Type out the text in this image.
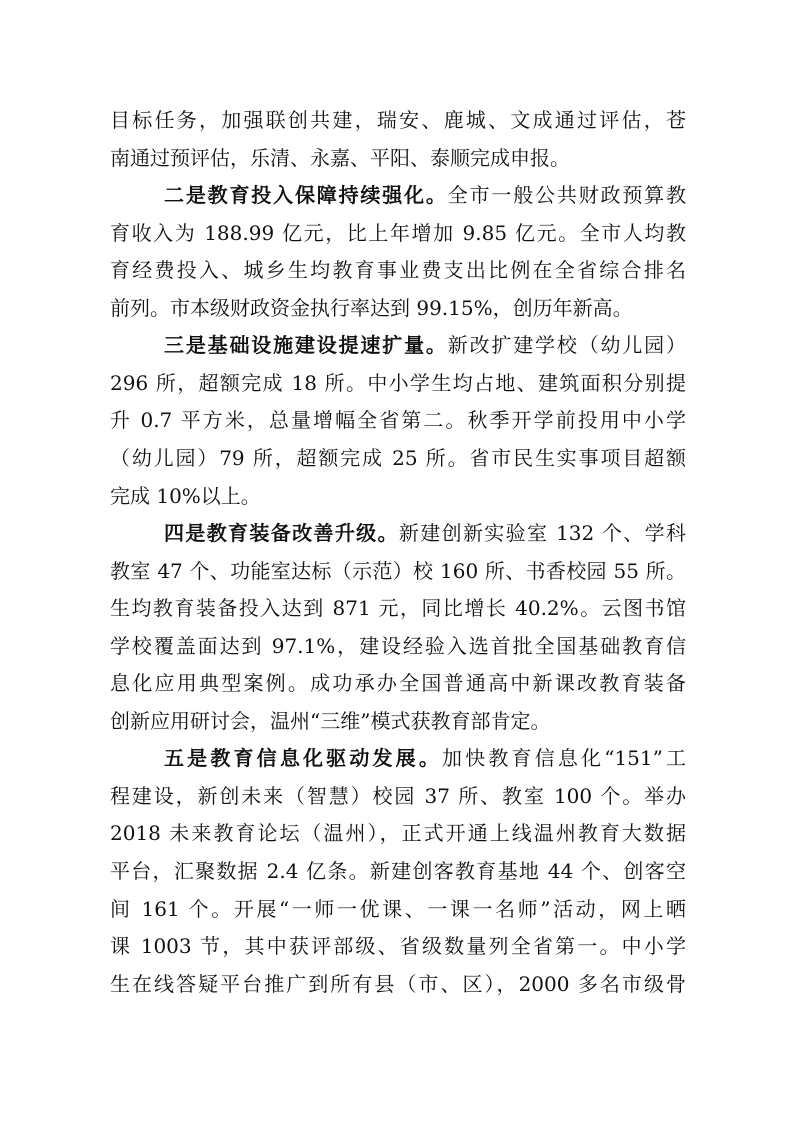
目标任务，加强联创共建，瑞安、鹿城、文成通过评估，苍
南通过预评估，乐清、永嘉、平阳、泰顺完成申报。
二是教育投入保障持续强化。全市一般公共财政预算教
育收入为 188.99 亿元，比上年增加 9.85 亿元。全市人均教
育经费投入、城乡生均教育事业费支出比例在全省综合排名
前列。市本级财政资金执行率达到 99.15%，创历年新高。
三是基础设施建设提速扩量。新改扩建学校（幼儿园）
296 所，超额完成 18 所。中小学生均占地、建筑面积分别提
升 0.7 平方米，总量增幅全省第二。秋季开学前投用中小学
（幼儿园）79 所，超额完成 25 所。省市民生实事项目超额
完成 10%以上。
四是教育装备改善升级。新建创新实验室 132 个、学科
教室 47 个、功能室达标（示范）校 160 所、书香校园 55 所。
生均教育装备投入达到 871 元，同比增长 40.2%。云图书馆
学校覆盖面达到 97.1%，建设经验入选首批全国基础教育信
息化应用典型案例。成功承办全国普通高中新课改教育装备
创新应用研讨会，温州“三维”模式获教育部肯定。
五是教育信息化驱动发展。加快教育信息化“151”工
程建设，新创未来（智慧）校园 37 所、教室 100 个。举办
2018 未来教育论坛（温州），正式开通上线温州教育大数据
平台，汇聚数据 2.4 亿条。新建创客教育基地 44 个、创客空
间 161 个。开展“一师一优课、一课一名师”活动，网上晒
课 1003 节，其中获评部级、省级数量列全省第一。中小学
生在线答疑平台推广到所有县（市、区），2000 多名市级骨
